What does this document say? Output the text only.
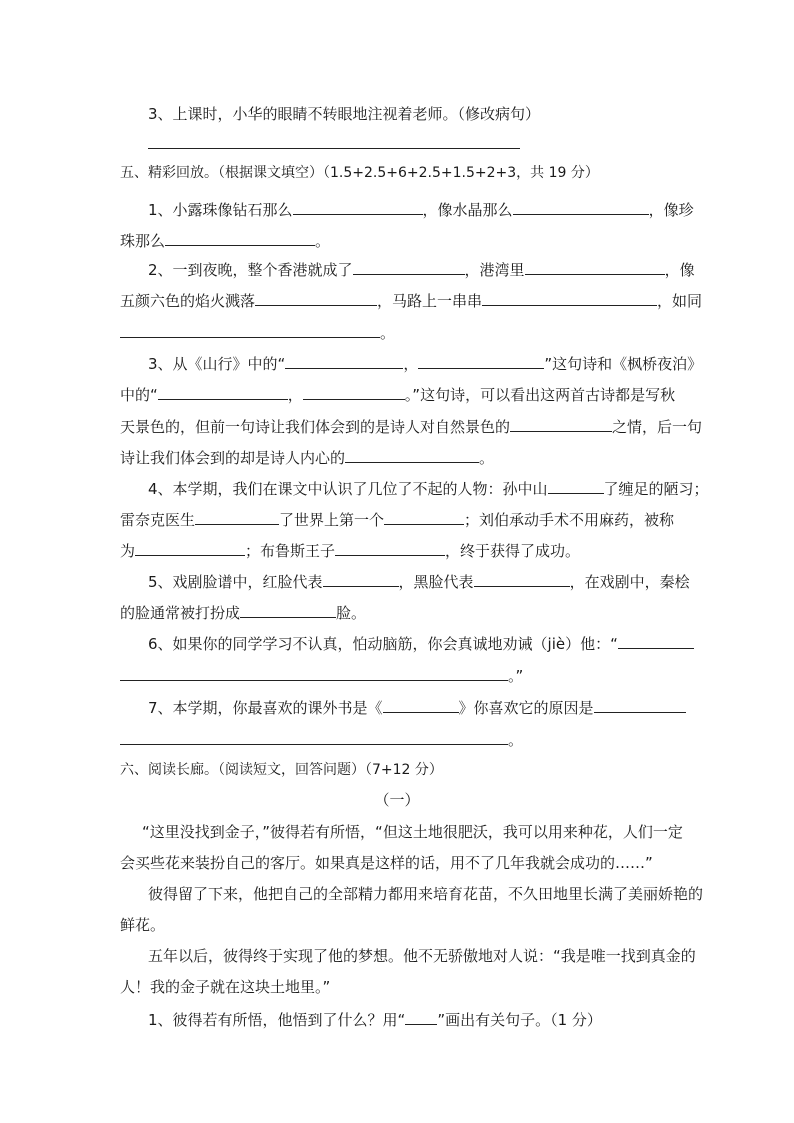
3、上课时，小华的眼睛不转眼地注视着老师。（修改病句）
五、精彩回放。（根据课文填空）（1.5+2.5+6+2.5+1.5+2+3，共 19 分）
1、小露珠像钻石那么	，像水晶那么	，像珍
珠那么	。
2、一到夜晚，整个香港就成了	，港湾里	，像
五颜六色的焰火溅落	，马路上一串串	，如同
。
3、从《山行》中的“	，	”这句诗和《枫桥夜泊》
中的“	，	。”这句诗，可以看出这两首古诗都是写秋
天景色的，但前一句诗让我们体会到的是诗人对自然景色的	之情，后一句
诗让我们体会到的却是诗人内心的	。
4、本学期，我们在课文中认识了几位了不起的人物：孙中山	了缠足的陋习；
雷奈克医生	了世界上第一个	；刘伯承动手术不用麻药，被称
为	；布鲁斯王子	，终于获得了成功。
5、戏剧脸谱中，红脸代表	，黑脸代表	，在戏剧中，秦桧
的脸通常被打扮成	脸。
6、如果你的同学学习不认真，怕动脑筋，你会真诚地劝诫（jiè）他：“
。”
7、本学期，你最喜欢的课外书是《	》你喜欢它的原因是
。
六、阅读长廊。（阅读短文，回答问题）（7+12 分）
（一）
“这里没找到金子，”彼得若有所悟，“但这土地很肥沃，我可以用来种花，人们一定
会买些花来装扮自己的客厅。如果真是这样的话，用不了几年我就会成功的……”
彼得留了下来，他把自己的全部精力都用来培育花苗，不久田地里长满了美丽娇艳的
鲜花。
五年以后，彼得终于实现了他的梦想。他不无骄傲地对人说：“我是唯一找到真金的
人！我的金子就在这块土地里。”
1、彼得若有所悟，他悟到了什么？用“ ”画出有关句子。（1 分）
